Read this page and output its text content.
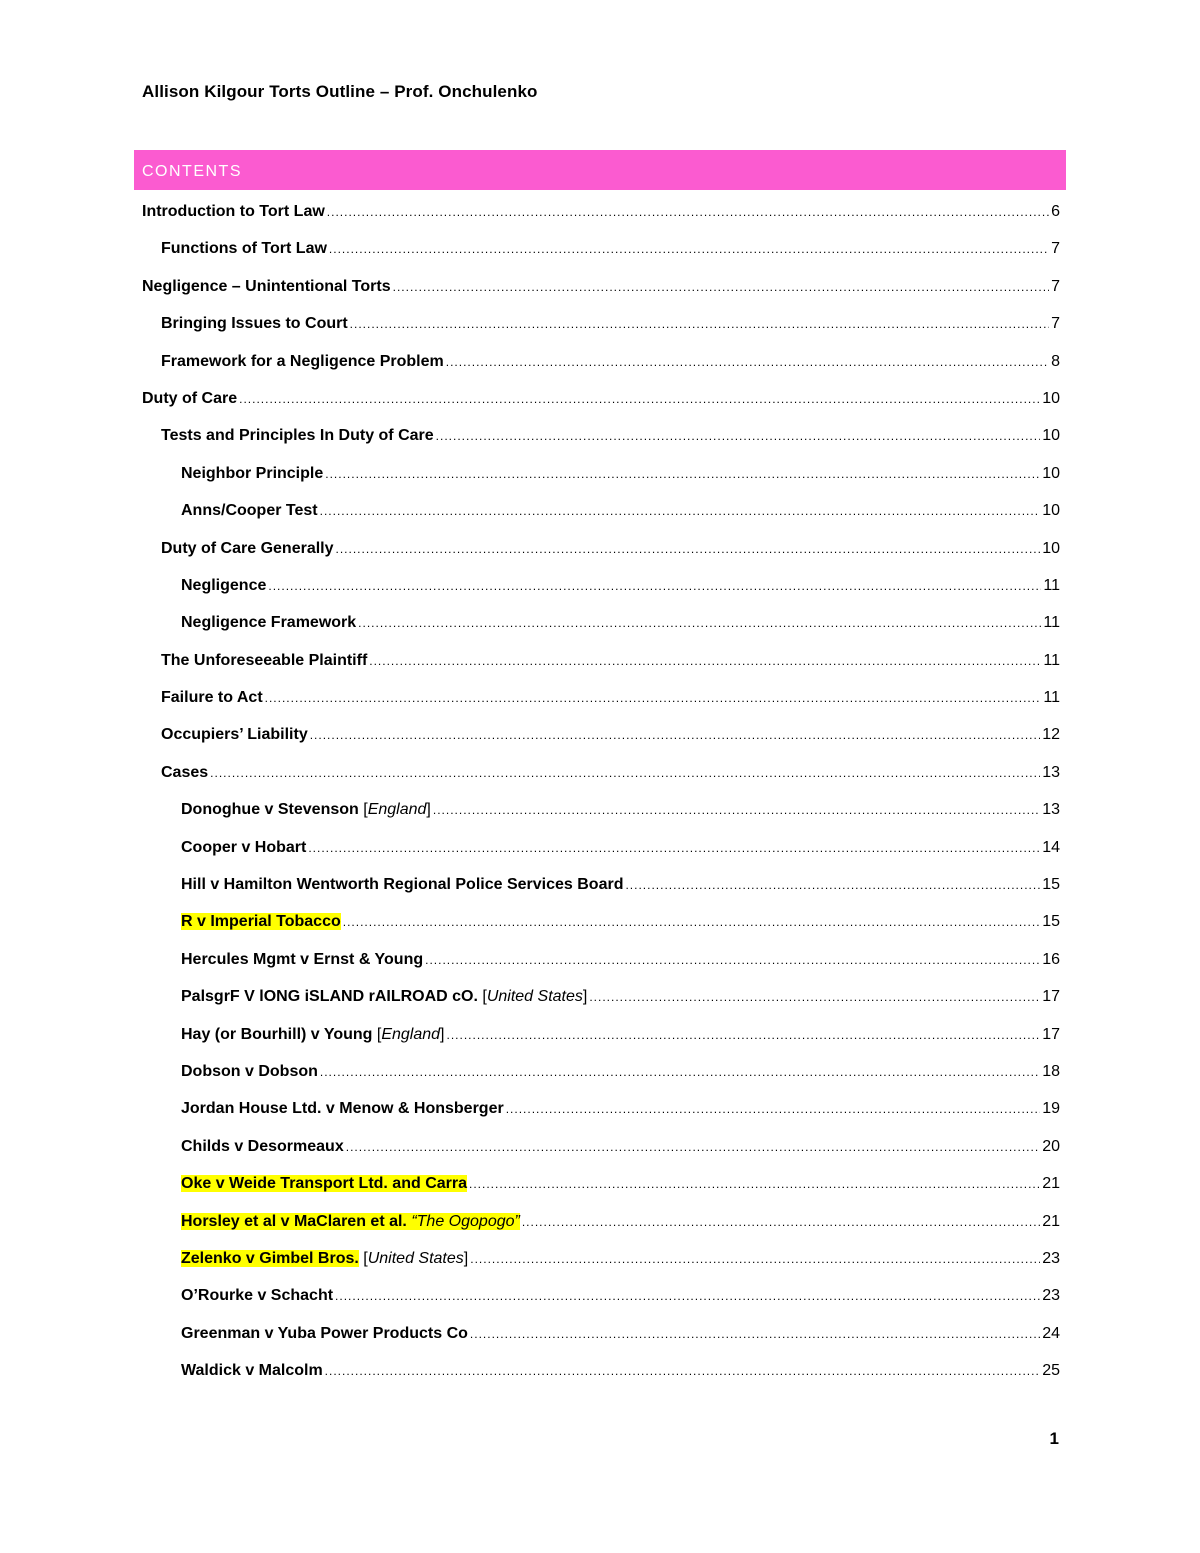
Allison Kilgour Torts Outline – Prof. Onchulenko
CONTENTS
Introduction to Tort Law .....	6
Functions of Tort Law .....	7
Negligence – Unintentional Torts .....	7
Bringing Issues to Court .....	7
Framework for a Negligence Problem .....	8
Duty of Care .....	10
Tests and Principles In Duty of Care .....	10
Neighbor Principle .....	10
Anns/Cooper Test .....	10
Duty of Care Generally .....	10
Negligence .....	11
Negligence Framework .....	11
The Unforeseeable Plaintiff .....	11
Failure to Act .....	11
Occupiers’ Liability .....	12
Cases .....	13
Donoghue v Stevenson [England] .....	13
Cooper v Hobart .....	14
Hill v Hamilton Wentworth Regional Police Services Board .....	15
R v Imperial Tobacco .....	15
Hercules Mgmt v Ernst & Young .....	16
PalsgrF V lONG iSLAND rAILROAD cO. [United States] .....	17
Hay (or Bourhill) v Young [England] .....	17
Dobson v Dobson .....	18
Jordan House Ltd. v Menow & Honsberger .....	19
Childs v Desormeaux .....	20
Oke v Weide Transport Ltd. and Carra .....	21
Horsley et al v MaClaren et al. “The Ogopogo” .....	21
Zelenko v Gimbel Bros. [United States] .....	23
O’Rourke v Schacht .....	23
Greenman v Yuba Power Products Co .....	24
Waldick v Malcolm .....	25
1
